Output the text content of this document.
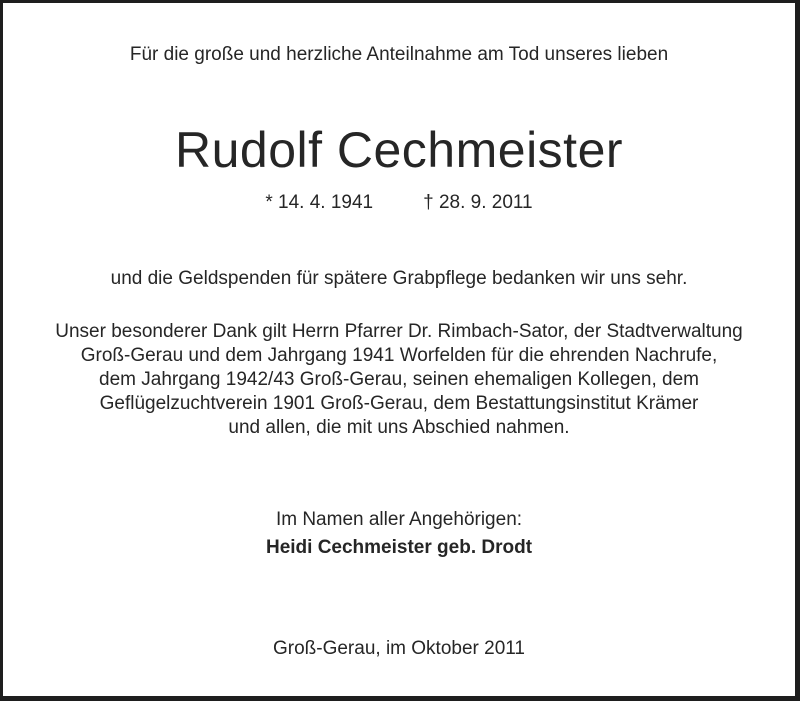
Für die große und herzliche Anteilnahme am Tod unseres lieben
Rudolf Cechmeister
* 14. 4. 1941	† 28. 9. 2011
und die Geldspenden für spätere Grabpflege bedanken wir uns sehr.
Unser besonderer Dank gilt Herrn Pfarrer Dr. Rimbach-Sator, der Stadtverwaltung
Groß-Gerau und dem Jahrgang 1941 Worfelden für die ehrenden Nachrufe,
dem Jahrgang 1942/43 Groß-Gerau, seinen ehemaligen Kollegen, dem
Geflügelzuchtverein 1901 Groß-Gerau, dem Bestattungsinstitut Krämer
und allen, die mit uns Abschied nahmen.
Im Namen aller Angehörigen:
Heidi Cechmeister geb. Drodt
Groß-Gerau, im Oktober 2011
